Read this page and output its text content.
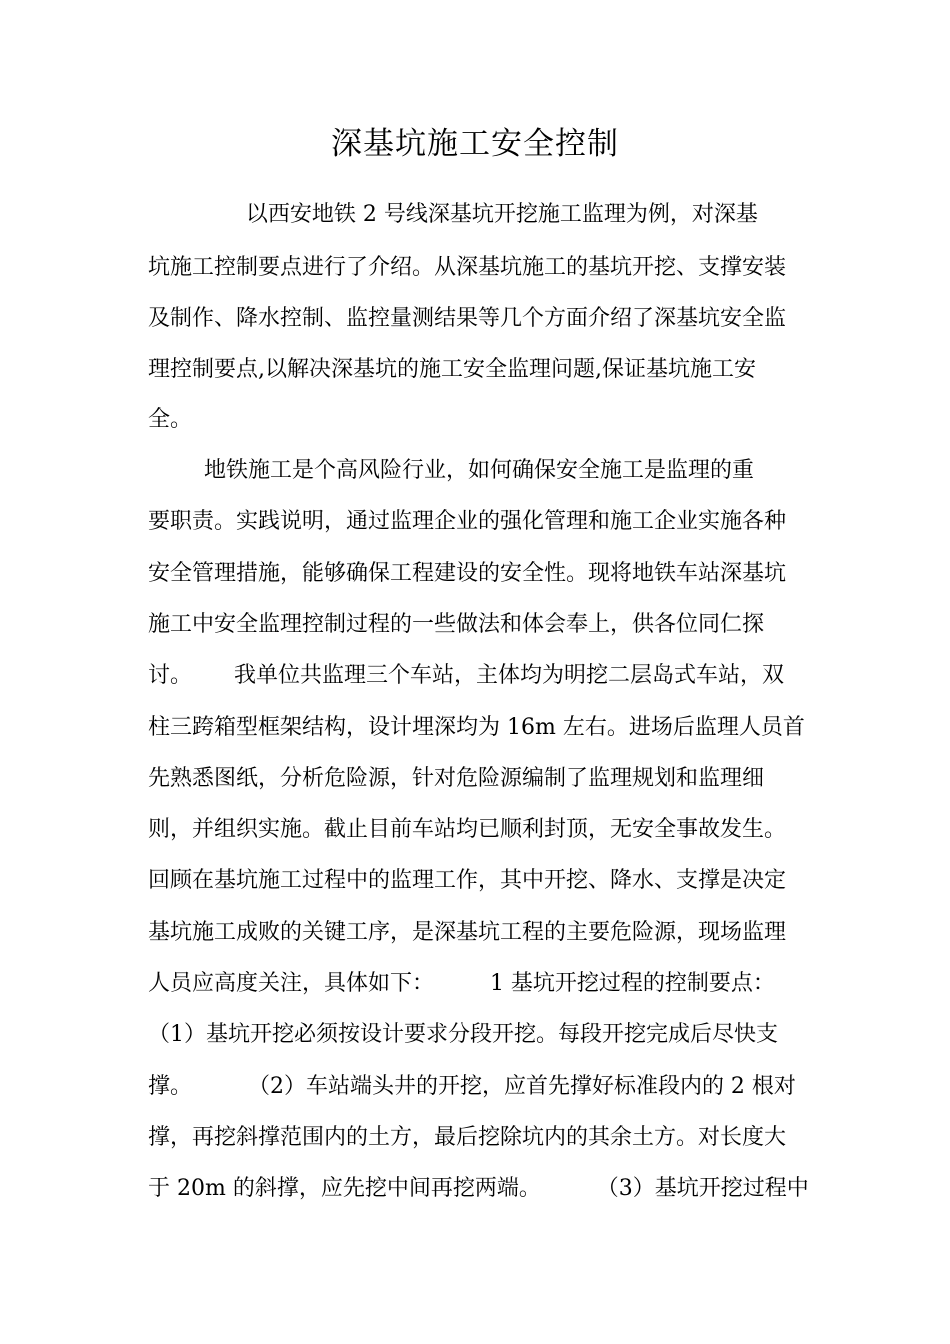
深基坑施工安全控制

以西安地铁 2 号线深基坑开挖施工监理为例，对深基

坑施工控制要点进行了介绍。从深基坑施工的基坑开挖、支撑安装

及制作、降水控制、监控量测结果等几个方面介绍了深基坑安全监

理控制要点,以解决深基坑的施工安全监理问题,保证基坑施工安

全。

地铁施工是个高风险行业，如何确保安全施工是监理的重

要职责。实践说明，通过监理企业的强化管理和施工企业实施各种

安全管理措施，能够确保工程建设的安全性。现将地铁车站深基坑

施工中安全监理控制过程的一些做法和体会奉上，供各位同仁探

讨。      我单位共监理三个车站，主体均为明挖二层岛式车站，双

柱三跨箱型框架结构，设计埋深均为 16m 左右。进场后监理人员首

先熟悉图纸，分析危险源，针对危险源编制了监理规划和监理细

则，并组织实施。截止目前车站均已顺利封顶，无安全事故发生。

回顾在基坑施工过程中的监理工作，其中开挖、降水、支撑是决定

基坑施工成败的关键工序，是深基坑工程的主要危险源，现场监理

人员应高度关注，具体如下：        1 基坑开挖过程的控制要点：

（1）基坑开挖必须按设计要求分段开挖。每段开挖完成后尽快支

撑。        （2）车站端头井的开挖，应首先撑好标准段内的 2 根对

撑，再挖斜撑范围内的土方，最后挖除坑内的其余土方。对长度大

于 20m 的斜撑，应先挖中间再挖两端。        （3）基坑开挖过程中
